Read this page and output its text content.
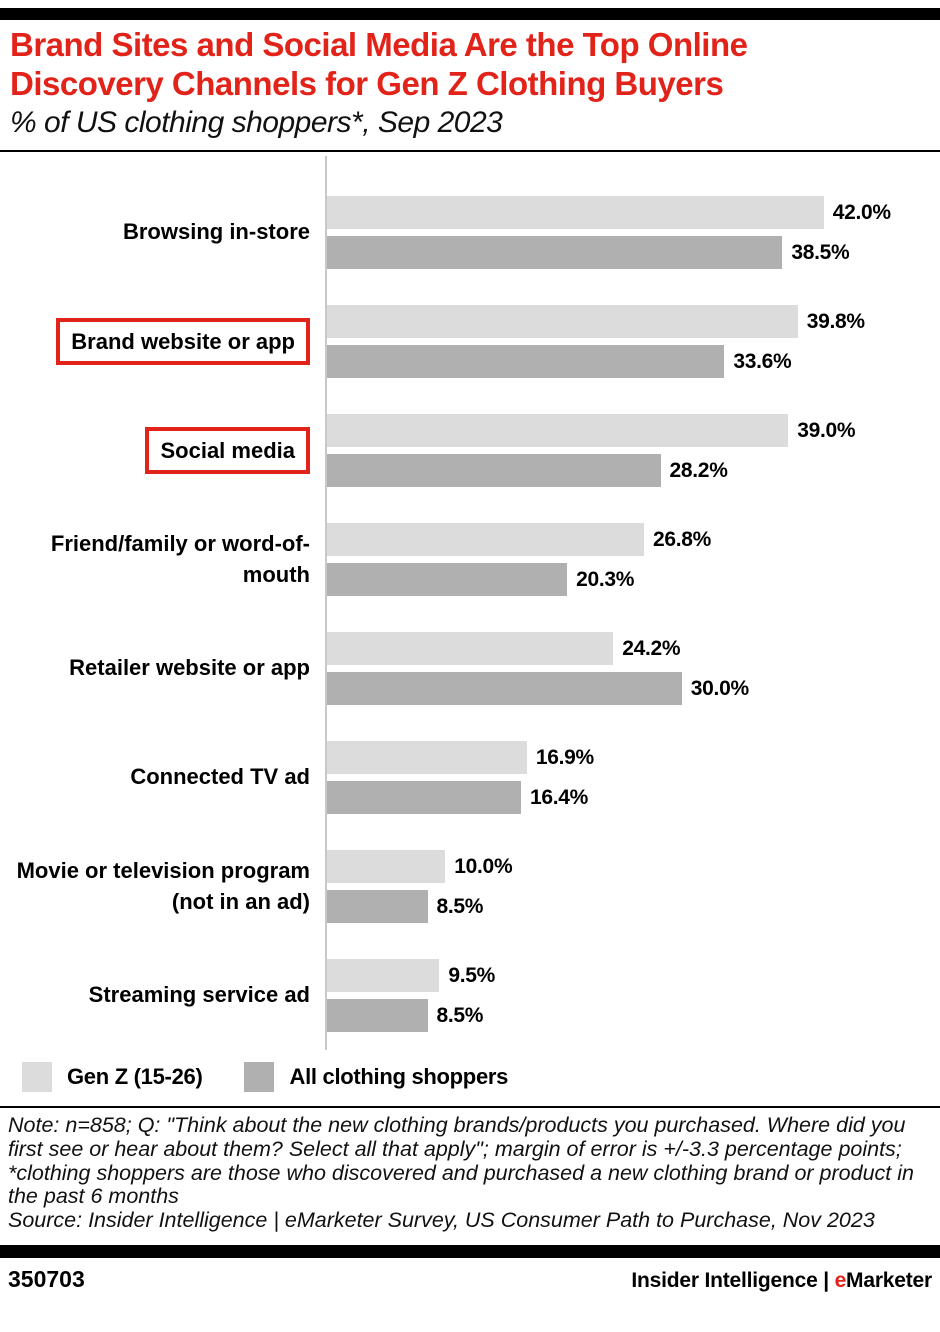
Brand Sites and Social Media Are the Top Online Discovery Channels for Gen Z Clothing Buyers
% of US clothing shoppers*, Sep 2023
Browsing in-store
42.0%
38.5%
Brand website or app
39.8%
33.6%
Social media
39.0%
28.2%
Friend/family or word-of-mouth
26.8%
20.3%
Retailer website or app
24.2%
30.0%
Connected TV ad
16.9%
16.4%
Movie or television program (not in an ad)
10.0%
8.5%
Streaming service ad
9.5%
8.5%
Gen Z (15-26)	All clothing shoppers
Note: n=858; Q: "Think about the new clothing brands/products you purchased. Where did you first see or hear about them? Select all that apply"; margin of error is +/-3.3 percentage points; *clothing shoppers are those who discovered and purchased a new clothing brand or product in the past 6 months
Source: Insider Intelligence | eMarketer Survey, US Consumer Path to Purchase, Nov 2023
350703	Insider Intelligence | eMarketer
